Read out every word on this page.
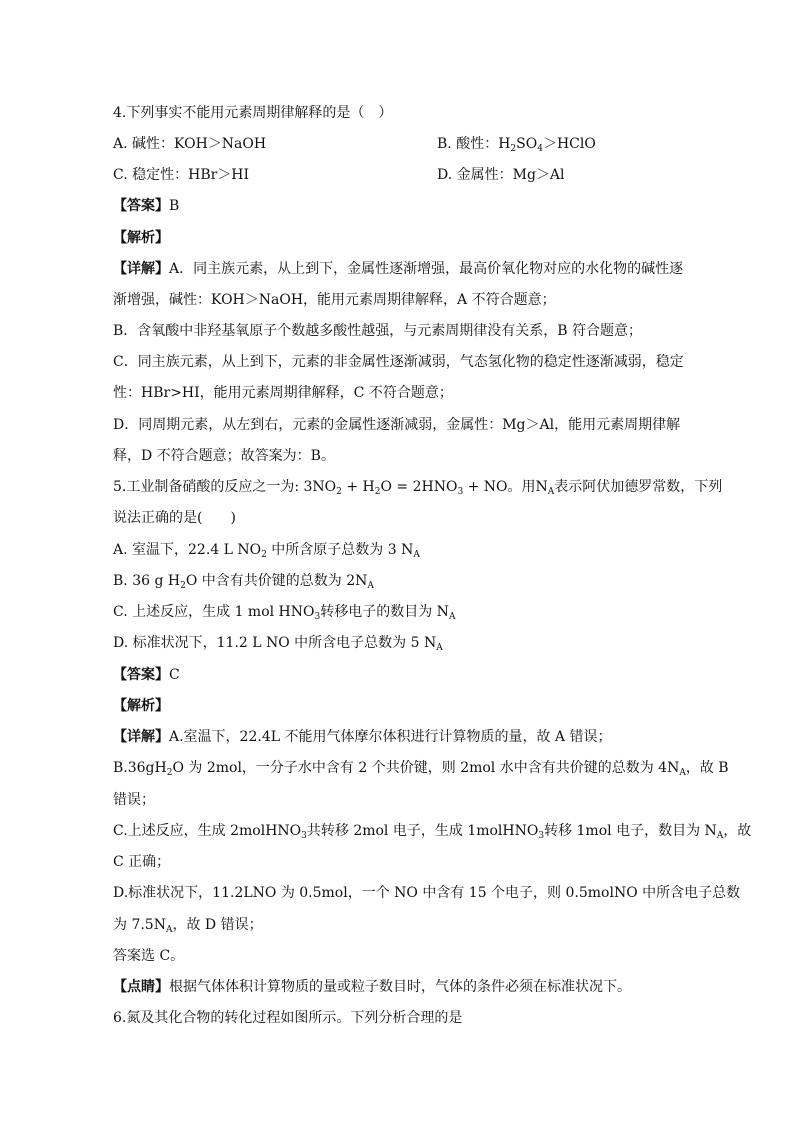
4.下列事实不能用元素周期律解释的是（　）
A. 碱性：KOH＞NaOH	B. 酸性：$H_2SO_4>HClO$
C. 稳定性：HBr＞HI	D. 金属性：Mg＞Al
【答案】B
【解析】
【详解】A．同主族元素，从上到下，金属性逐渐增强，最高价氧化物对应的水化物的碱性逐
渐增强，碱性：KOH＞NaOH，能用元素周期律解释，A 不符合题意；
B．含氧酸中非羟基氧原子个数越多酸性越强，与元素周期律没有关系，B 符合题意；
C．同主族元素，从上到下，元素的非金属性逐渐减弱，气态氢化物的稳定性逐渐减弱，稳定
性：HBr>HI，能用元素周期律解释，C 不符合题意；
D．同周期元素，从左到右，元素的金属性逐渐减弱，金属性：Mg＞Al，能用元素周期律解
释，D 不符合题意；故答案为：B。
5.工业制备硝酸的反应之一为: $3NO_2 + H_2O = 2HNO_3$ + NO。用$N_A$表示阿伏加德罗常数，下列
说法正确的是(　　)
A. 室温下，22.4 L $NO_2$ 中所含原子总数为 3 $N_A$
B. 36 g $H_2O$ 中含有共价键的总数为 $2N_A$
C. 上述反应，生成 1 mol $HNO_3$转移电子的数目为 $N_A$
D. 标准状况下，11.2 L NO 中所含电子总数为 5 $N_A$
【答案】C
【解析】
【详解】A.室温下，22.4L 不能用气体摩尔体积进行计算物质的量，故 A 错误；
$B.36gH_2O$ 为 2mol，一分子水中含有 2 个共价键，则 2mol 水中含有共价键的总数为 $4N_A$，故 B
错误；
C.上述反应，生成 2molHNO$_3$共转移 2mol 电子，生成 1molHNO$_3$转移 1mol 电子，数目为 $N_A$，故
C 正确；
D.标准状况下，11.2LNO 为 0.5mol，一个 NO 中含有 15 个电子，则 0.5molNO 中所含电子总数
为 $7.5N_A$，故 D 错误；
答案选 C。
【点睛】根据气体体积计算物质的量或粒子数目时，气体的条件必须在标准状况下。
6.氮及其化合物的转化过程如图所示。下列分析合理的是
